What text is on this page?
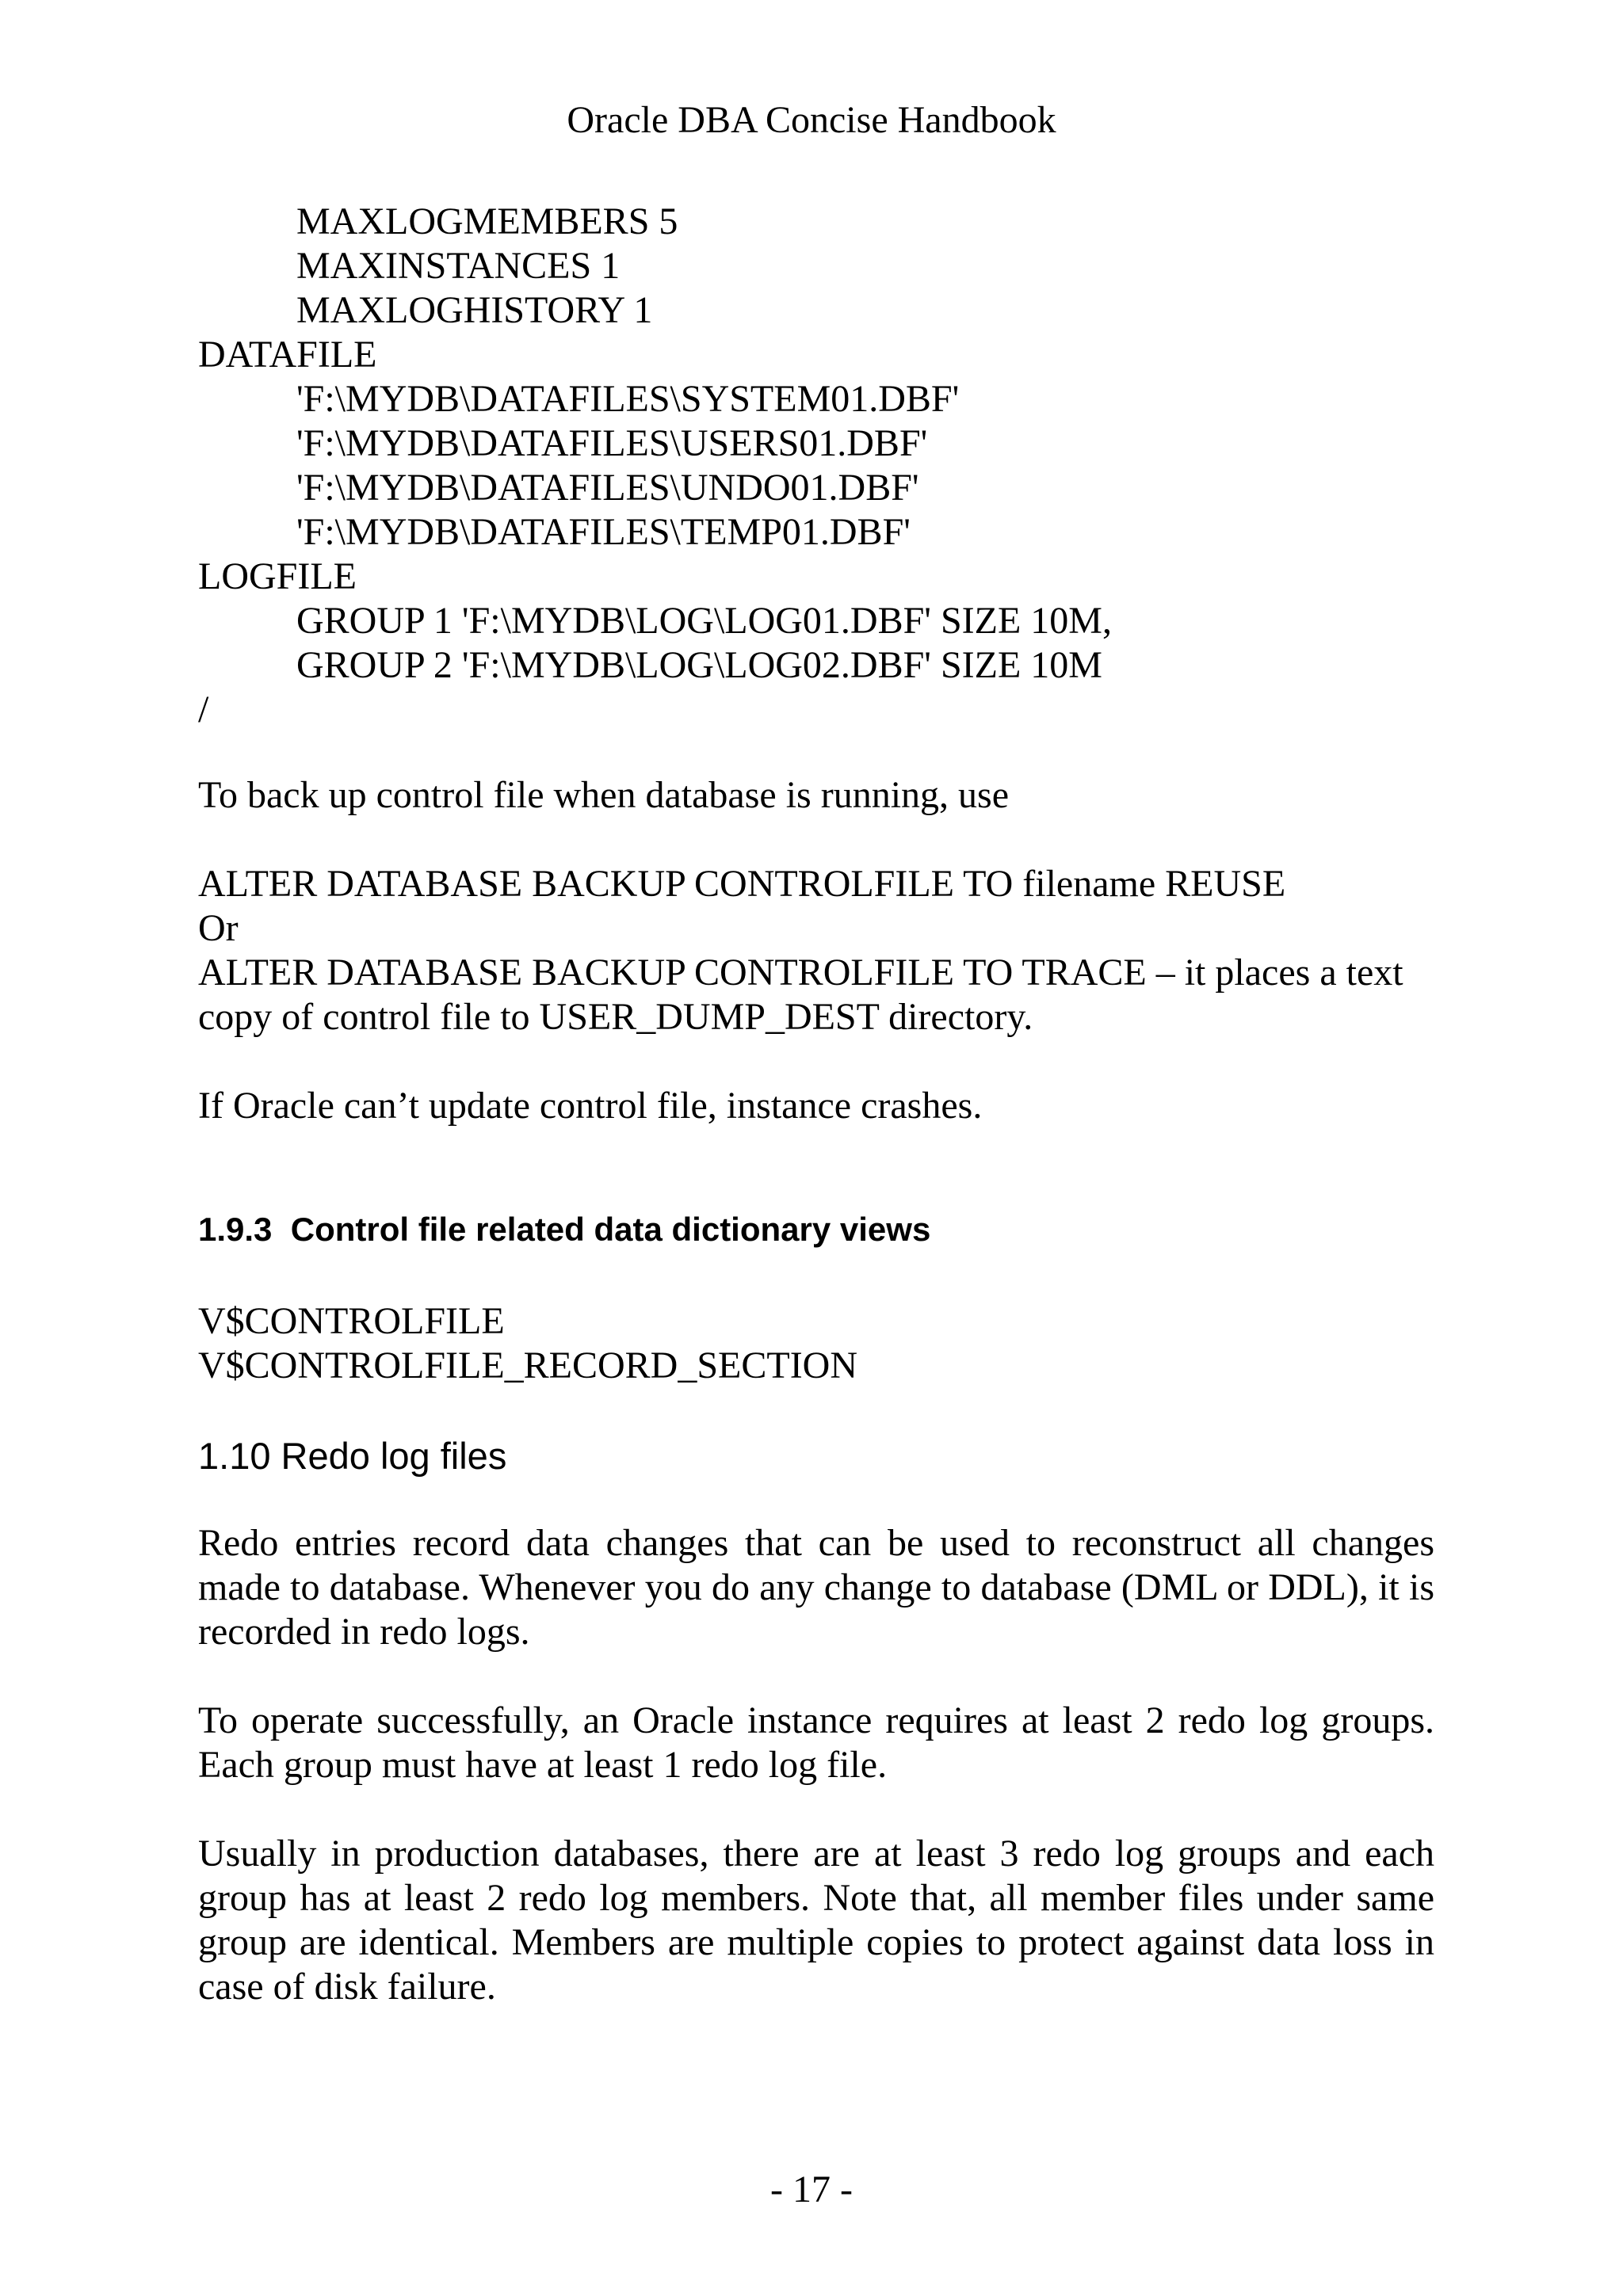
Oracle DBA Concise Handbook
MAXLOGMEMBERS 5
MAXINSTANCES 1
MAXLOGHISTORY 1
DATAFILE
'F:\MYDB\DATAFILES\SYSTEM01.DBF'
'F:\MYDB\DATAFILES\USERS01.DBF'
'F:\MYDB\DATAFILES\UNDO01.DBF'
'F:\MYDB\DATAFILES\TEMP01.DBF'
LOGFILE
GROUP 1 'F:\MYDB\LOG\LOG01.DBF' SIZE 10M,
GROUP 2 'F:\MYDB\LOG\LOG02.DBF' SIZE 10M
/
To back up control file when database is running, use
ALTER DATABASE BACKUP CONTROLFILE TO filename REUSE
Or
ALTER DATABASE BACKUP CONTROLFILE TO TRACE – it places a text copy of control file to USER_DUMP_DEST directory.
If Oracle can’t update control file, instance crashes.
1.9.3 Control file related data dictionary views
V$CONTROLFILE
V$CONTROLFILE_RECORD_SECTION
1.10 Redo log files
Redo entries record data changes that can be used to reconstruct all changes made to database. Whenever you do any change to database (DML or DDL), it is recorded in redo logs.
To operate successfully, an Oracle instance requires at least 2 redo log groups. Each group must have at least 1 redo log file.
Usually in production databases, there are at least 3 redo log groups and each group has at least 2 redo log members. Note that, all member files under same group are identical. Members are multiple copies to protect against data loss in case of disk failure.
- 17 -
